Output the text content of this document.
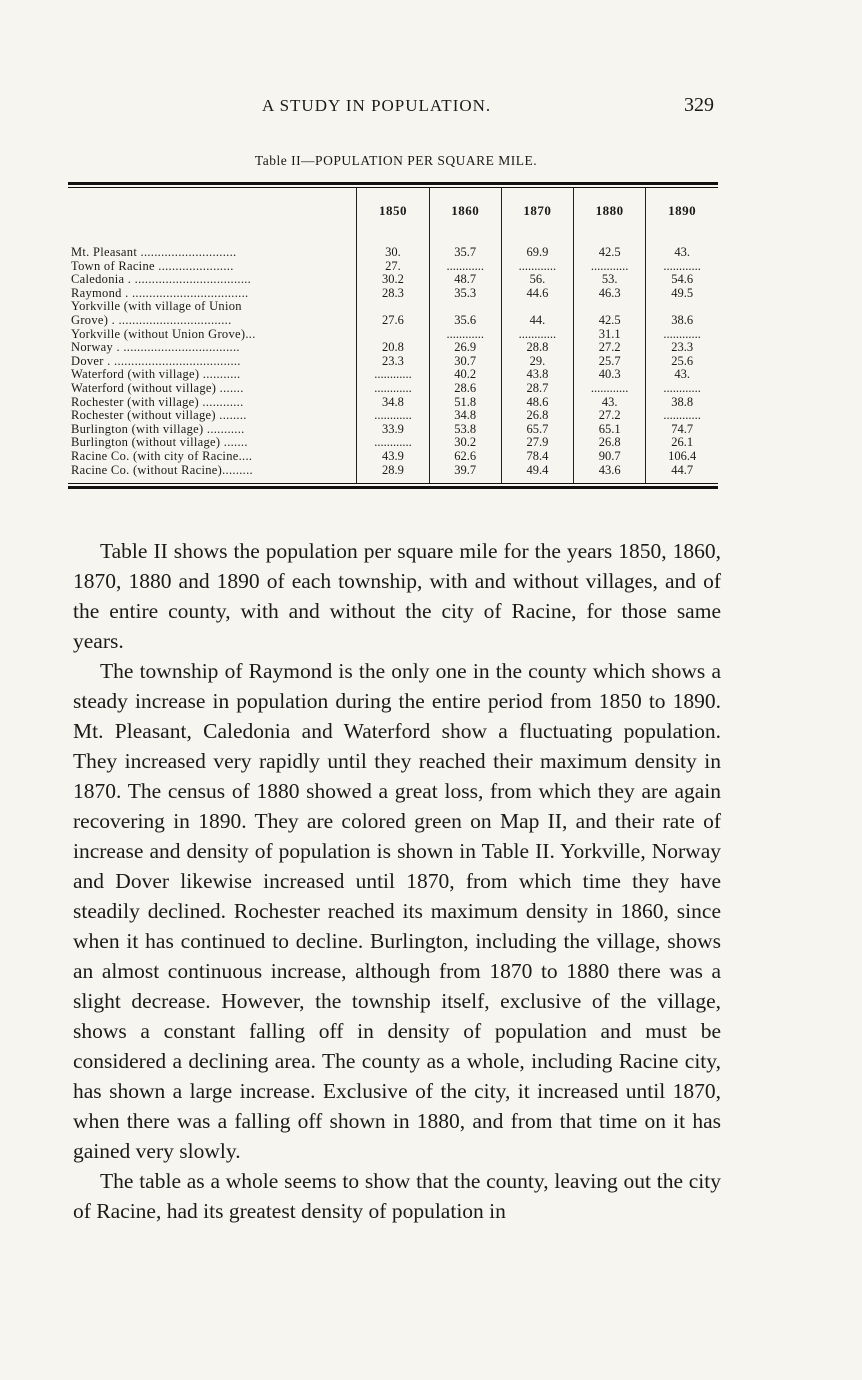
A STUDY IN POPULATION.	329
Table II—POPULATION PER SQUARE MILE.
	1850	1860	1870	1880	1890

Mt. Pleasant ............................	30.	35.7	69.9	42.5	43.
Town of Racine ......................	27.	............	............	............	............
Caledonia . ..................................	30.2	48.7	56.	53.	54.6
Raymond . ..................................	28.3	35.3	44.6	46.3	49.5
Yorkville (with village of Union					
Grove) . .................................	27.6	35.6	44.	42.5	38.6
Yorkville (without Union Grove)...		............	............	31.1	............
Norway . ..................................	20.8	26.9	28.8	27.2	23.3
Dover . .....................................	23.3	30.7	29.	25.7	25.6
Waterford (with village) ...........	............	40.2	43.8	40.3	43.
Waterford (without village) .......	............	28.6	28.7	............	............
Rochester (with village) ............	34.8	51.8	48.6	43.	38.8
Rochester (without village) ........	............	34.8	26.8	27.2	............
Burlington (with village) ...........	33.9	53.8	65.7	65.1	74.7
Burlington (without village) .......	............	30.2	27.9	26.8	26.1
Racine Co. (with city of Racine....	43.9	62.6	78.4	90.7	106.4
Racine Co. (without Racine).........	28.9	39.7	49.4	43.6	44.7

Table II shows the population per square mile for the years 1850, 1860, 1870, 1880 and 1890 of each township, with and without villages, and of the entire county, with and without the city of Racine, for those same years.

The township of Raymond is the only one in the county which shows a steady increase in population during the entire period from 1850 to 1890. Mt. Pleasant, Caledonia and Waterford show a fluctuating population. They increased very rapidly until they reached their maximum density in 1870. The census of 1880 showed a great loss, from which they are again recovering in 1890. They are colored green on Map II, and their rate of increase and density of population is shown in Table II. Yorkville, Norway and Dover likewise increased until 1870, from which time they have steadily declined. Rochester reached its maximum density in 1860, since when it has continued to decline. Burlington, including the village, shows an almost continuous increase, although from 1870 to 1880 there was a slight decrease. However, the township itself, exclusive of the village, shows a constant falling off in density of population and must be considered a declining area. The county as a whole, including Racine city, has shown a large increase. Exclusive of the city, it increased until 1870, when there was a falling off shown in 1880, and from that time on it has gained very slowly.

The table as a whole seems to show that the county, leaving out the city of Racine, had its greatest density of population in
